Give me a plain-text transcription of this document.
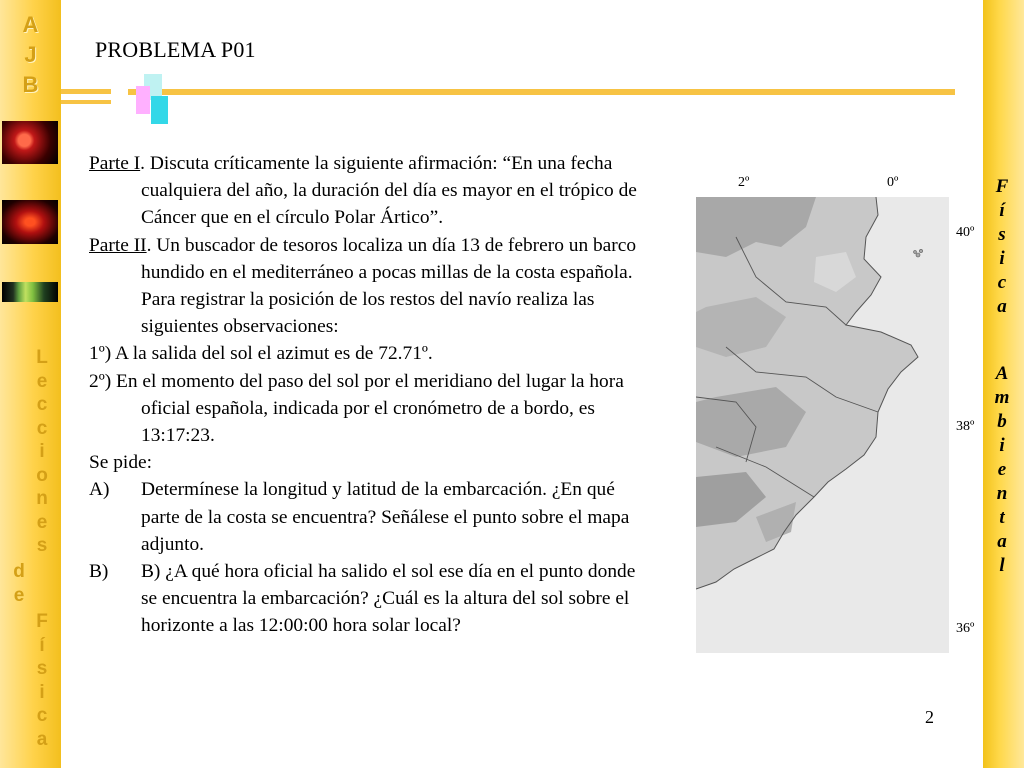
A
J
B
L
e
c
c
i
o
n
e
s
d
e
F
í
s
i
c
a
F
í
s
i
c
a
A
m
b
i
e
n
t
a
l
PROBLEMA P01

Parte I. Discuta críticamente la siguiente afirmación: “En una fecha cualquiera del año, la duración del día es mayor en el trópico de Cáncer que en el círculo Polar Ártico”.

Parte II. Un buscador de tesoros localiza un día 13 de febrero un barco hundido en el mediterráneo a pocas millas de la costa española. Para registrar la posición de los restos del navío realiza las siguientes observaciones:

1º) A la salida del sol el azimut es de 72.71º.

2º) En el momento del paso del sol por el meridiano del lugar la hora oficial española, indicada por el cronómetro de a bordo, es 13:17:23.

Se pide:

A) Determínese la longitud y latitud de la embarcación. ¿En qué parte de la costa se encuentra? Señálese el punto sobre el mapa adjunto.

B) B) ¿A qué hora oficial ha salido el sol ese día en el punto donde se encuentra la embarcación? ¿Cuál es la altura del sol sobre el horizonte a las 12:00:00 hora solar local?

2º	0º
40º
38º
36º
2
